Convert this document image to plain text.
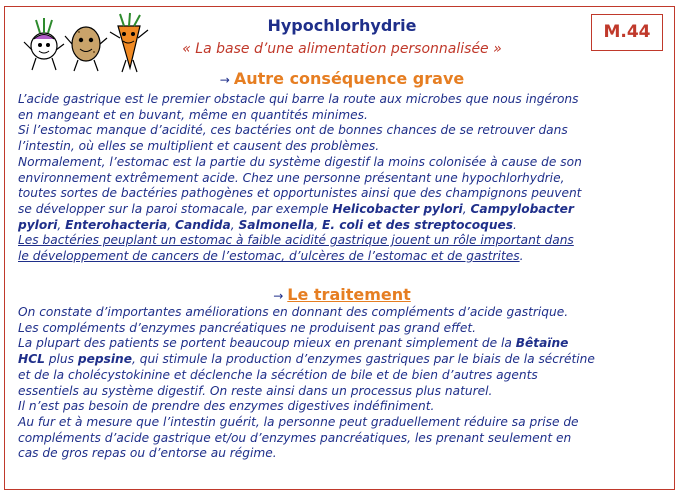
Hypochlorhydrie
« La base d’une alimentation personnalisée »
M.44
→ Autre conséquence grave
L’acide gastrique est le premier obstacle qui barre la route aux microbes que nous ingérons
en mangeant et en buvant, même en quantités minimes.
Si l’estomac manque d’acidité, ces bactéries ont de bonnes chances de se retrouver dans
l’intestin, où elles se multiplient et causent des problèmes.
Normalement, l’estomac est la partie du système digestif la moins colonisée à cause de son
environnement extrêmement acide. Chez une personne présentant une hypochlorhydrie,
toutes sortes de bactéries pathogènes et opportunistes ainsi que des champignons peuvent
se développer sur la paroi stomacale, par exemple Helicobacter pylori, Campylobacter
pylori, Enterohacteria, Candida, Salmonella, E. coli et des streptocoques.
Les bactéries peuplant un estomac à faible acidité gastrique jouent un rôle important dans
le développement de cancers de l’estomac, d’ulcères de l’estomac et de gastrites.
→ Le traitement
On constate d’importantes améliorations en donnant des compléments d’acide gastrique.
Les compléments d’enzymes pancréatiques ne produisent pas grand effet.
La plupart des patients se portent beaucoup mieux en prenant simplement de la Bêtaïne
HCL plus pepsine, qui stimule la production d’enzymes gastriques par le biais de la sécrétine
et de la cholécystokinine et déclenche la sécrétion de bile et de bien d’autres agents
essentiels au système digestif. On reste ainsi dans un processus plus naturel.
Il n’est pas besoin de prendre des enzymes digestives indéfiniment.
Au fur et à mesure que l’intestin guérit, la personne peut graduellement réduire sa prise de
compléments d’acide gastrique et/ou d’enzymes pancréatiques, les prenant seulement en
cas de gros repas ou d’entorse au régime.
